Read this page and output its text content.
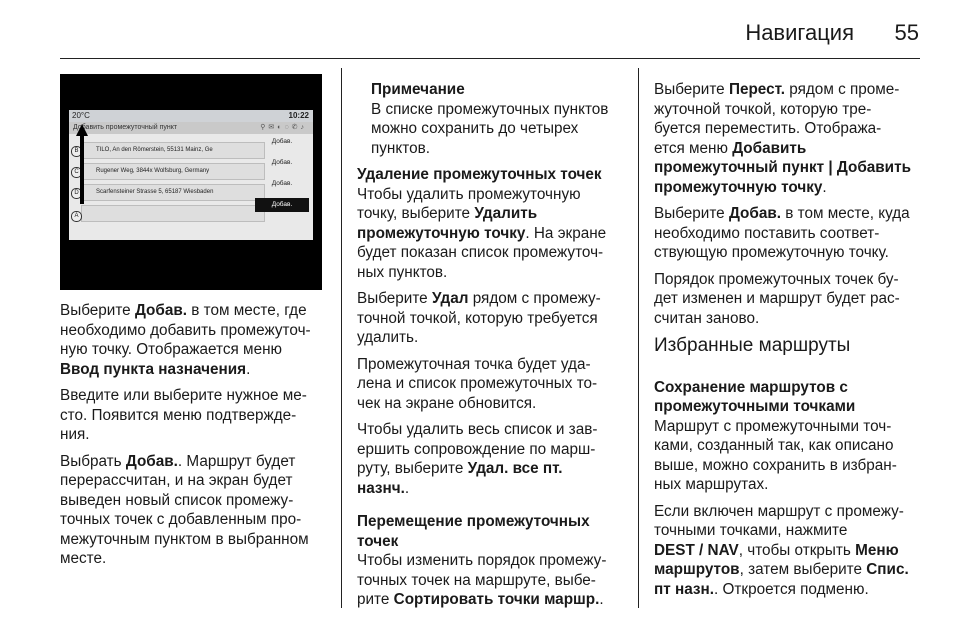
Навигация 55
20°C	10:22
Добавить промежуточный пункт	⚲✉◐◌✆♪
TILO, An den Römerstein, 55131 Mainz, Ge
Rugener Weg, 3844x Wolfsburg, Germany
Scarfensteiner Strasse 5, 65187 Wiesbaden
B
C
D
A
Добав.
Добав.
Добав.
Добав.

Выберите Добав. в том месте, где
необходимо добавить промежуточ-
ную точку. Отображается меню
Ввод пункта назначения.

Введите или выберите нужное ме-
сто. Появится меню подтвержде-
ния.

Выбрать Добав.. Маршрут будет
перерассчитан, и на экран будет
выведен новый список промежу-
точных точек с добавленным про-
межуточным пунктом в выбранном
месте.

Примечание
В списке промежуточных пунктов
можно сохранить до четырех
пунктов.

Удаление промежуточных точек

Чтобы удалить промежуточную
точку, выберите Удалить
промежуточную точку. На экране
будет показан список промежуточ-
ных пунктов.

Выберите Удал рядом с промежу-
точной точкой, которую требуется
удалить.

Промежуточная точка будет уда-
лена и список промежуточных то-
чек на экране обновится.

Чтобы удалить весь список и зав-
ершить сопровождение по марш-
руту, выберите Удал. все пт.
назнч..

Перемещение промежуточных
точек

Чтобы изменить порядок промежу-
точных точек на маршруте, выбе-
рите Сортировать точки маршр..

Выберите Перест. рядом с проме-
жуточной точкой, которую тре-
буется переместить. Отобража-
ется меню Добавить
промежуточный пункт | Добавить
промежуточную точку.

Выберите Добав. в том месте, куда
необходимо поставить соответ-
ствующую промежуточную точку.

Порядок промежуточных точек бу-
дет изменен и маршрут будет рас-
считан заново.

Избранные маршруты
Сохранение маршрутов с
промежуточными точками

Маршрут с промежуточными точ-
ками, созданный так, как описано
выше, можно сохранить в избран-
ных маршрутах.

Если включен маршрут с промежу-
точными точками, нажмите
DEST / NAV, чтобы открыть Меню
маршрутов, затем выберите Спис.
пт назн.. Откроется подменю.
